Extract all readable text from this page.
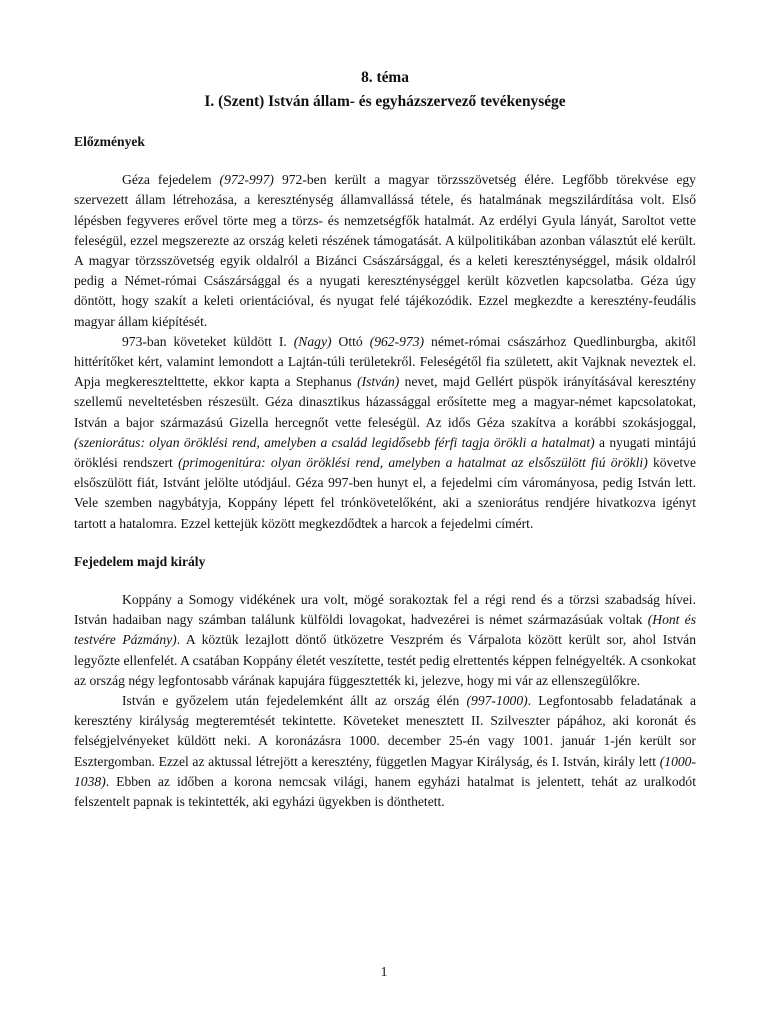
8. téma
I. (Szent) István állam- és egyházszervező tevékenysége
Előzmények

Géza fejedelem (972-997) 972-ben került a magyar törzsszövetség élére. Legfőbb törekvése egy szervezett állam létrehozása, a kereszténység államvallássá tétele, és hatalmának megszilárdítása volt. Első lépésben fegyveres erővel törte meg a törzs- és nemzetségfők hatalmát. Az erdélyi Gyula lányát, Saroltot vette feleségül, ezzel megszerezte az ország keleti részének támogatását. A külpolitikában azonban választút elé került. A magyar törzsszövetség egyik oldalról a Bizánci Császársággal, és a keleti kereszténységgel, másik oldalról pedig a Német-római Császársággal és a nyugati kereszténységgel került közvetlen kapcsolatba. Géza úgy döntött, hogy szakít a keleti orientációval, és nyugat felé tájékozódik. Ezzel megkezdte a keresztény-feudális magyar állam kiépítését.

973-ban követeket küldött I. (Nagy) Ottó (962-973) német-római császárhoz Quedlinburgba, akitől hittérítőket kért, valamint lemondott a Lajtán-túli területekről. Feleségétől fia született, akit Vajknak neveztek el. Apja megkeresztelttette, ekkor kapta a Stephanus (István) nevet, majd Gellért püspök irányításával keresztény szellemű neveltetésben részesült. Géza dinasztikus házassággal erősítette meg a magyar-német kapcsolatokat, István a bajor származású Gizella hercegnőt vette feleségül. Az idős Géza szakítva a korábbi szokásjoggal, (szeniorátus: olyan öröklési rend, amelyben a család legidősebb férfi tagja örökli a hatalmat) a nyugati mintájú öröklési rendszert (primogenitúra: olyan öröklési rend, amelyben a hatalmat az elsőszülött fiú örökli) követve elsőszülött fiát, Istvánt jelölte utódjául. Géza 997-ben hunyt el, a fejedelmi cím várományosa, pedig István lett. Vele szemben nagybátyja, Koppány lépett fel trónkövetelőként, aki a szeniorátus rendjére hivatkozva igényt tartott a hatalomra. Ezzel kettejük között megkezdődtek a harcok a fejedelmi címért.

Fejedelem majd király

Koppány a Somogy vidékének ura volt, mögé sorakoztak fel a régi rend és a törzsi szabadság hívei. István hadaiban nagy számban találunk külföldi lovagokat, hadvezérei is német származásúak voltak (Hont és testvére Pázmány). A köztük lezajlott döntő ütközetre Veszprém és Várpalota között került sor, ahol István legyőzte ellenfelét. A csatában Koppány életét veszítette, testét pedig elrettentés képpen felnégyelték. A csonkokat az ország négy legfontosabb várának kapujára függesztették ki, jelezve, hogy mi vár az ellenszegülőkre.

István e győzelem után fejedelemként állt az ország élén (997-1000). Legfontosabb feladatának a keresztény királyság megteremtését tekintette. Követeket menesztett II. Szilveszter pápához, aki koronát és felségjelvényeket küldött neki. A koronázásra 1000. december 25-én vagy 1001. január 1-jén került sor Esztergomban. Ezzel az aktussal létrejött a keresztény, független Magyar Királyság, és I. István, király lett (1000-1038). Ebben az időben a korona nemcsak világi, hanem egyházi hatalmat is jelentett, tehát az uralkodót felszentelt papnak is tekintették, aki egyházi ügyekben is dönthetett.

1
